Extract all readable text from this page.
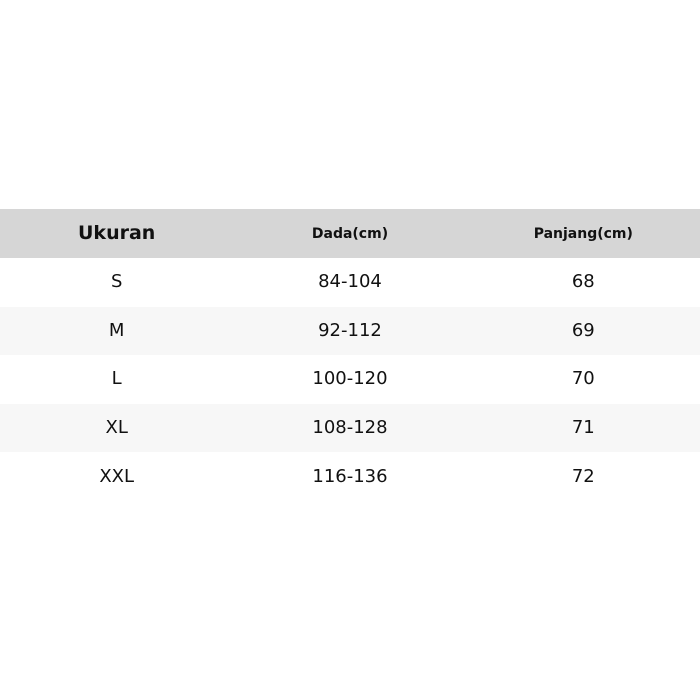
Ukuran	Dada(cm)	Panjang(cm)
S	84-104	68
M	92-112	69
L	100-120	70
XL	108-128	71
XXL	116-136	72
